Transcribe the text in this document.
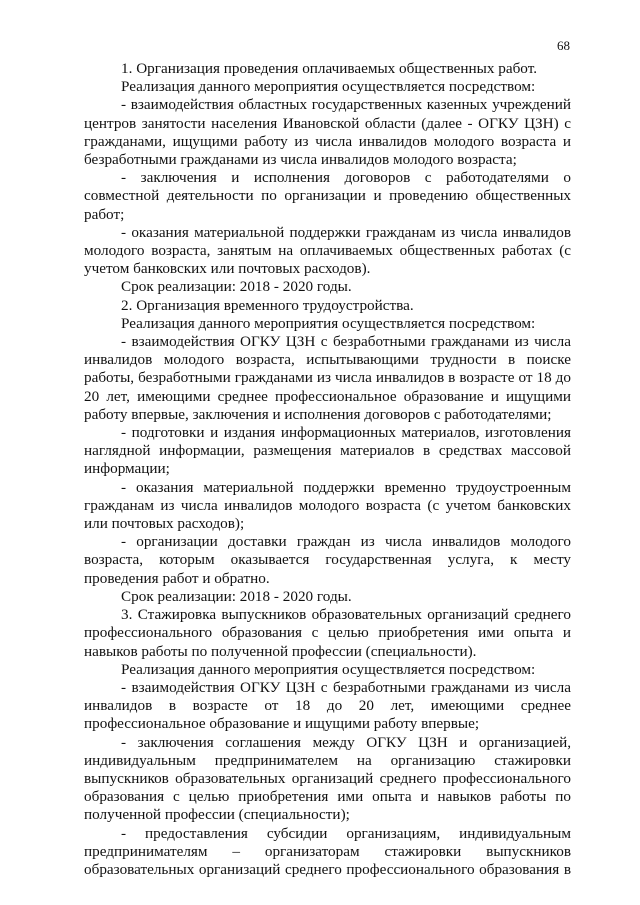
68

1. Организация проведения оплачиваемых общественных работ.

Реализация данного мероприятия осуществляется посредством:

- взаимодействия областных государственных казенных учреждений центров занятости населения Ивановской области (далее - ОГКУ ЦЗН) с гражданами, ищущими работу из числа инвалидов молодого возраста и безработными гражданами из числа инвалидов молодого возраста;

- заключения и исполнения договоров с работодателями о совместной деятельности по организации и проведению общественных работ;

- оказания материальной поддержки гражданам из числа инвалидов молодого возраста, занятым на оплачиваемых общественных работах (с учетом банковских или почтовых расходов).

Срок реализации: 2018 - 2020 годы.

2. Организация временного трудоустройства.

Реализация данного мероприятия осуществляется посредством:

- взаимодействия ОГКУ ЦЗН с безработными гражданами из числа инвалидов молодого возраста, испытывающими трудности в поиске работы, безработными гражданами из числа инвалидов в возрасте от 18 до 20 лет, имеющими среднее профессиональное образование и ищущими работу впервые, заключения и исполнения договоров с работодателями;

- подготовки и издания информационных материалов, изготовления наглядной информации, размещения материалов в средствах массовой информации;

- оказания материальной поддержки временно трудоустроенным гражданам из числа инвалидов молодого возраста (с учетом банковских или почтовых расходов);

- организации доставки граждан из числа инвалидов молодого возраста, которым оказывается государственная услуга, к месту проведения работ и обратно.

Срок реализации: 2018 - 2020 годы.

3. Стажировка выпускников образовательных организаций среднего профессионального образования с целью приобретения ими опыта и навыков работы по полученной профессии (специальности).

Реализация данного мероприятия осуществляется посредством:

- взаимодействия ОГКУ ЦЗН с безработными гражданами из числа инвалидов в возрасте от 18 до 20 лет, имеющими среднее профессиональное образование и ищущими работу впервые;

- заключения соглашения между ОГКУ ЦЗН и организацией, индивидуальным предпринимателем на организацию стажировки выпускников образовательных организаций среднего профессионального образования с целью приобретения ими опыта и навыков работы по полученной профессии (специальности);

- предоставления субсидии организациям, индивидуальным предпринимателям – организаторам стажировки выпускников образовательных организаций среднего профессионального образования в
